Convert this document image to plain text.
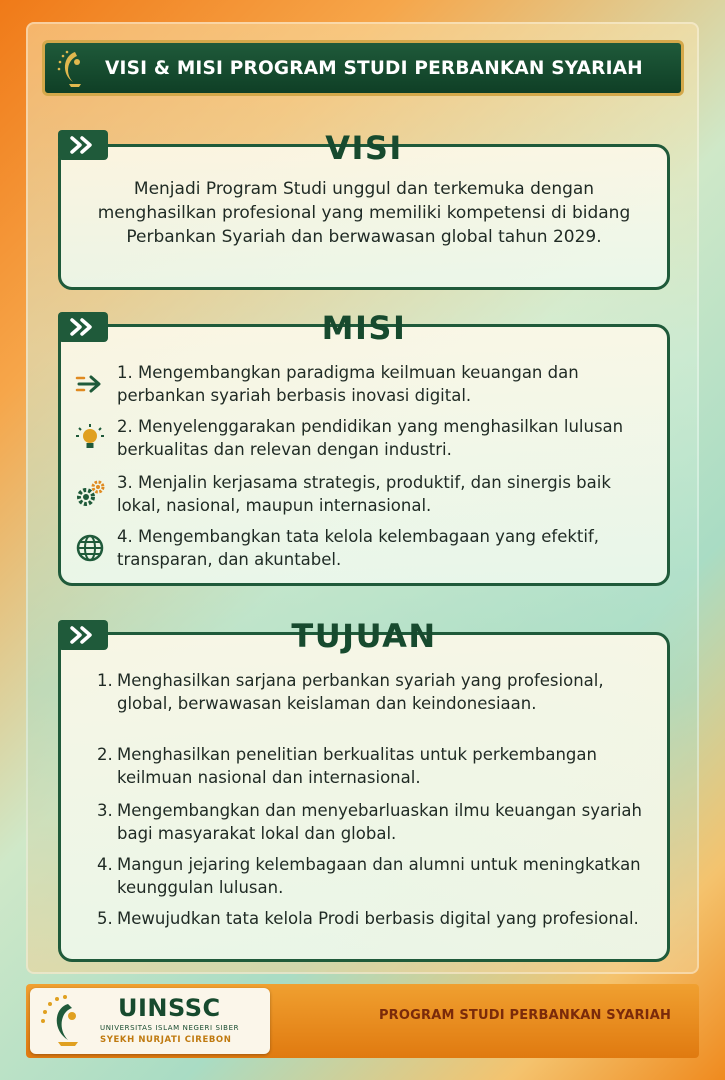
VISI & MISI PROGRAM STUDI PERBANKAN SYARIAH
VISI
Menjadi Program Studi unggul dan terkemuka dengan menghasilkan profesional yang memiliki kompetensi di bidang Perbankan Syariah dan berwawasan global tahun 2029.
MISI
1. Mengembangkan paradigma keilmuan keuangan dan perbankan syariah berbasis inovasi digital.
2. Menyelenggarakan pendidikan yang menghasilkan lulusan berkualitas dan relevan dengan industri.
3. Menjalin kerjasama strategis, produktif, dan sinergis baik lokal, nasional, maupun internasional.
4. Mengembangkan tata kelola kelembagaan yang efektif, transparan, dan akuntabel.
TUJUAN
1. Menghasilkan sarjana perbankan syariah yang profesional, global, berwawasan keislaman dan keindonesiaan.
2. Menghasilkan penelitian berkualitas untuk perkembangan keilmuan nasional dan internasional.
3. Mengembangkan dan menyebarluaskan ilmu keuangan syariah bagi masyarakat lokal dan global.
4. Mangun jejaring kelembagaan dan alumni untuk meningkatkan keunggulan lulusan.
5. Mewujudkan tata kelola Prodi berbasis digital yang profesional.
UINSSC
UNIVERSITAS ISLAM NEGERI SIBER
SYEKH NURJATI CIREBON
PROGRAM STUDI PERBANKAN SYARIAH
